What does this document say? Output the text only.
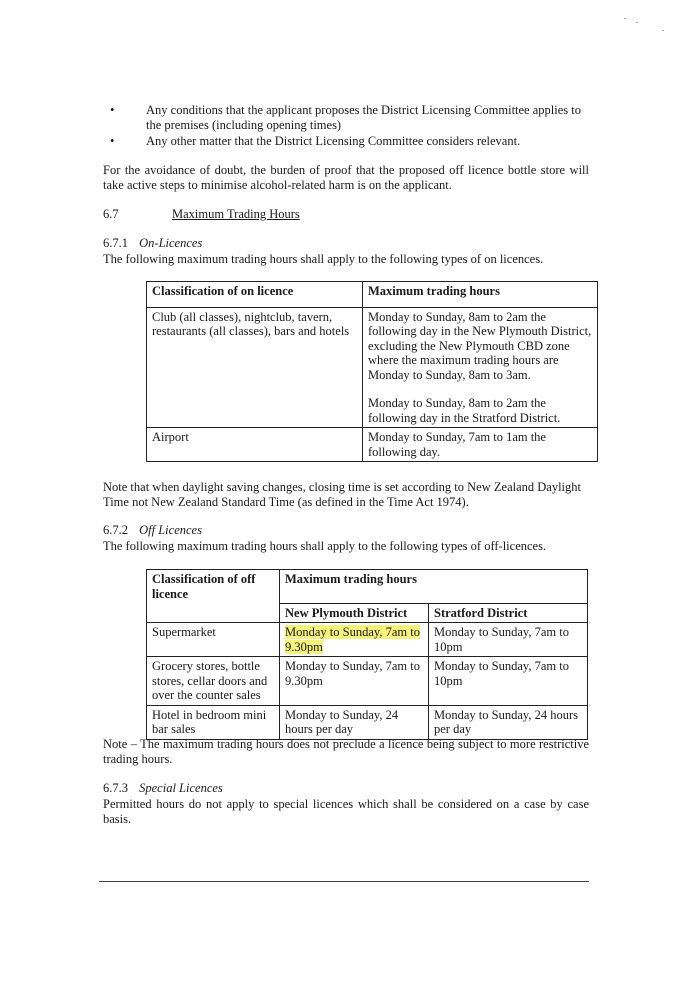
•	Any conditions that the applicant proposes the District Licensing Committee applies to the premises (including opening times)
•	Any other matter that the District Licensing Committee considers relevant.

For the avoidance of doubt, the burden of proof that the proposed off licence bottle store will take active steps to minimise alcohol-related harm is on the applicant.

6.7	Maximum Trading Hours
6.7.1 On-Licences

The following maximum trading hours shall apply to the following types of on licences.

Classification of on licence	Maximum trading hours
Club (all classes), nightclub, tavern, restaurants (all classes), bars and hotels	Monday to Sunday, 8am to 2am the following day in the New Plymouth District, excluding the New Plymouth CBD zone where the maximum trading hours are Monday to Sunday, 8am to 3am.
Monday to Sunday, 8am to 2am the following day in the Stratford District.

Airport	Monday to Sunday, 7am to 1am the following day.

Note that when daylight saving changes, closing time is set according to New Zealand Daylight Time not New Zealand Standard Time (as defined in the Time Act 1974).

6.7.2 Off Licences

The following maximum trading hours shall apply to the following types of off-licences.

Classification of off licence	Maximum trading hours	
	New Plymouth District	Stratford District
Supermarket	Monday to Sunday, 7am to 9.30pm	Monday to Sunday, 7am to 10pm
Grocery stores, bottle stores, cellar doors and over the counter sales	Monday to Sunday, 7am to 9.30pm	Monday to Sunday, 7am to 10pm
Hotel in bedroom mini bar sales	Monday to Sunday, 24 hours per day	Monday to Sunday, 24 hours per day

Note – The maximum trading hours does not preclude a licence being subject to more restrictive trading hours.

6.7.3 Special Licences

Permitted hours do not apply to special licences which shall be considered on a case by case basis.
